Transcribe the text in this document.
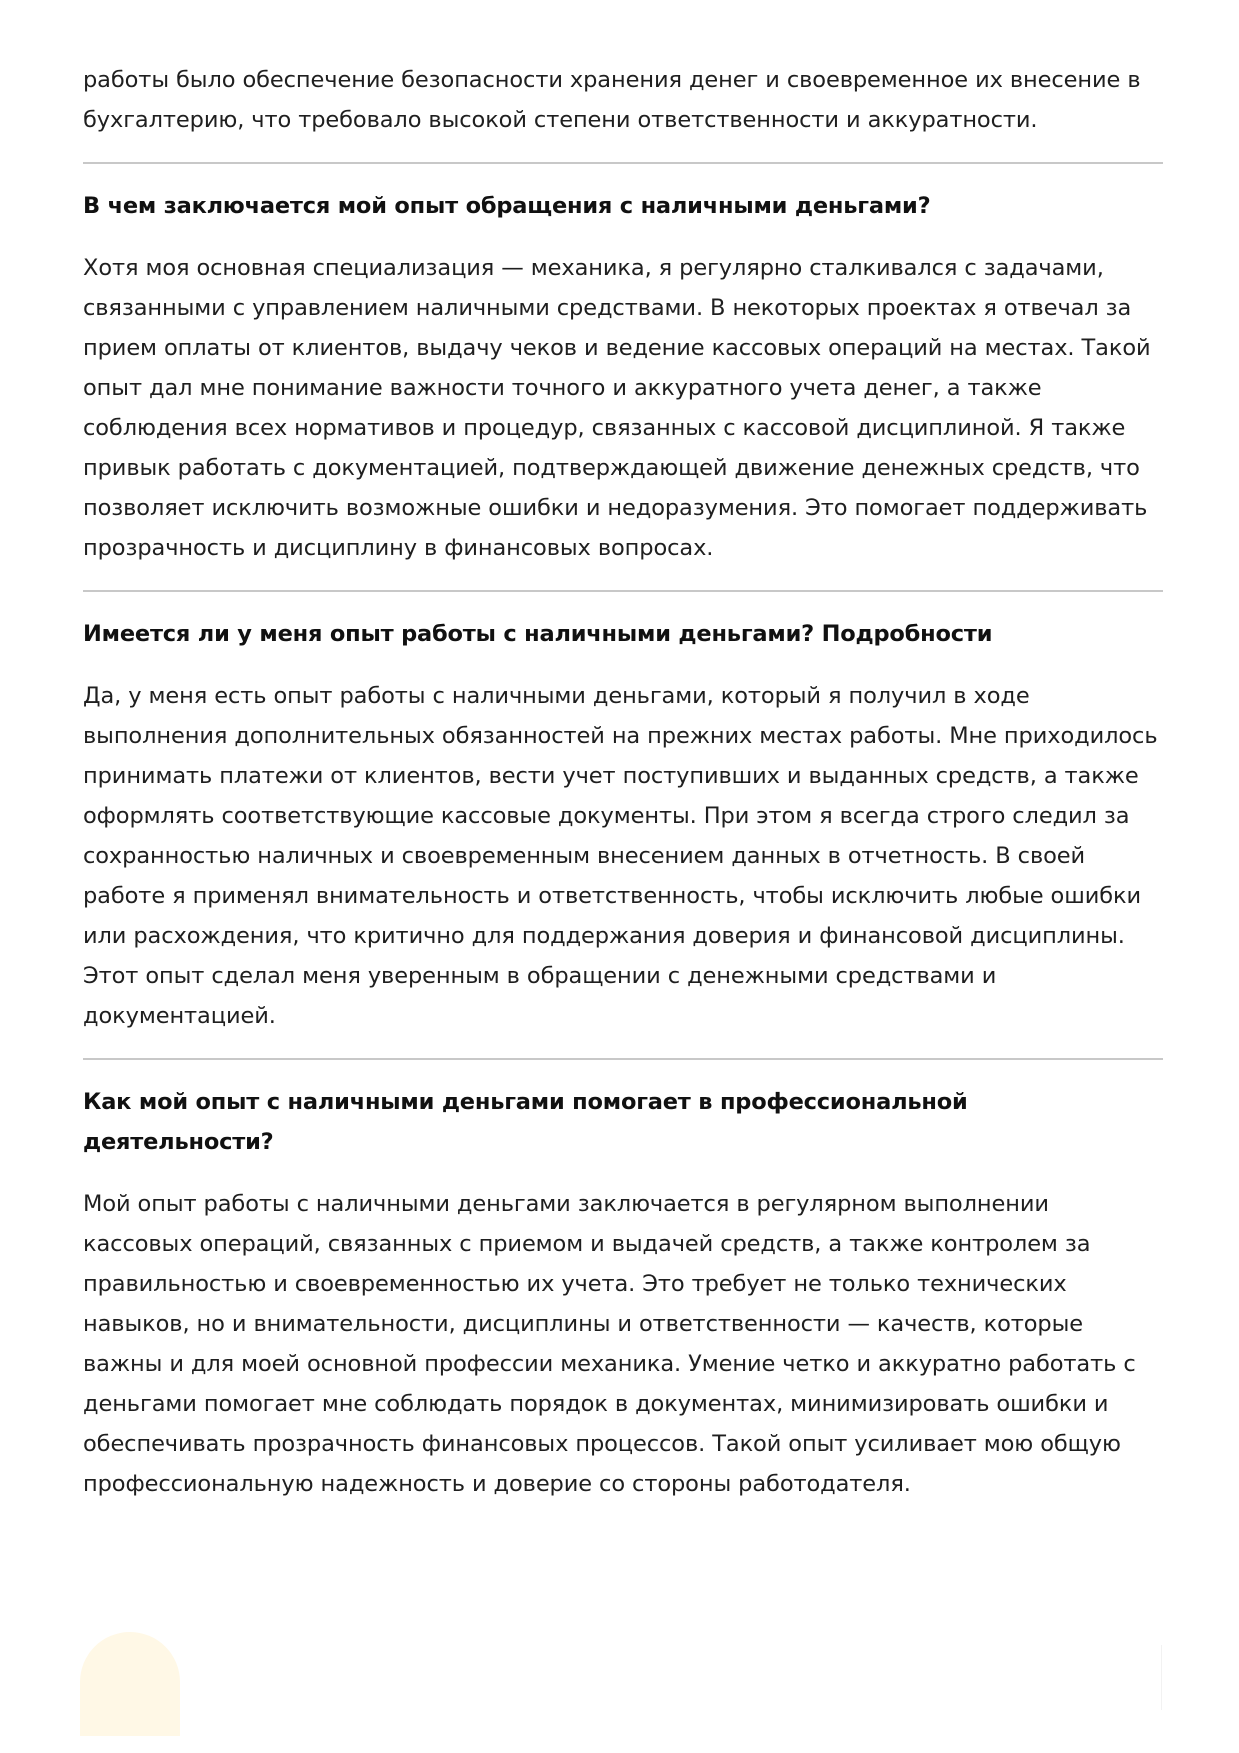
работы было обеспечение безопасности хранения денег и своевременное их внесение в бухгалтерию, что требовало высокой степени ответственности и аккуратности.

В чем заключается мой опыт обращения с наличными деньгами?

Хотя моя основная специализация — механика, я регулярно сталкивался с задачами, связанными с управлением наличными средствами. В некоторых проектах я отвечал за прием оплаты от клиентов, выдачу чеков и ведение кассовых операций на местах. Такой опыт дал мне понимание важности точного и аккуратного учета денег, а также соблюдения всех нормативов и процедур, связанных с кассовой дисциплиной. Я также привык работать с документацией, подтверждающей движение денежных средств, что позволяет исключить возможные ошибки и недоразумения. Это помогает поддерживать прозрачность и дисциплину в финансовых вопросах.

Имеется ли у меня опыт работы с наличными деньгами? Подробности

Да, у меня есть опыт работы с наличными деньгами, который я получил в ходе выполнения дополнительных обязанностей на прежних местах работы. Мне приходилось принимать платежи от клиентов, вести учет поступивших и выданных средств, а также оформлять соответствующие кассовые документы. При этом я всегда строго следил за сохранностью наличных и своевременным внесением данных в отчетность. В своей работе я применял внимательность и ответственность, чтобы исключить любые ошибки или расхождения, что критично для поддержания доверия и финансовой дисциплины. Этот опыт сделал меня уверенным в обращении с денежными средствами и документацией.

Как мой опыт с наличными деньгами помогает в профессиональной деятельности?

Мой опыт работы с наличными деньгами заключается в регулярном выполнении кассовых операций, связанных с приемом и выдачей средств, а также контролем за правильностью и своевременностью их учета. Это требует не только технических навыков, но и внимательности, дисциплины и ответственности — качеств, которые важны и для моей основной профессии механика. Умение четко и аккуратно работать с деньгами помогает мне соблюдать порядок в документах, минимизировать ошибки и обеспечивать прозрачность финансовых процессов. Такой опыт усиливает мою общую профессиональную надежность и доверие со стороны работодателя.
